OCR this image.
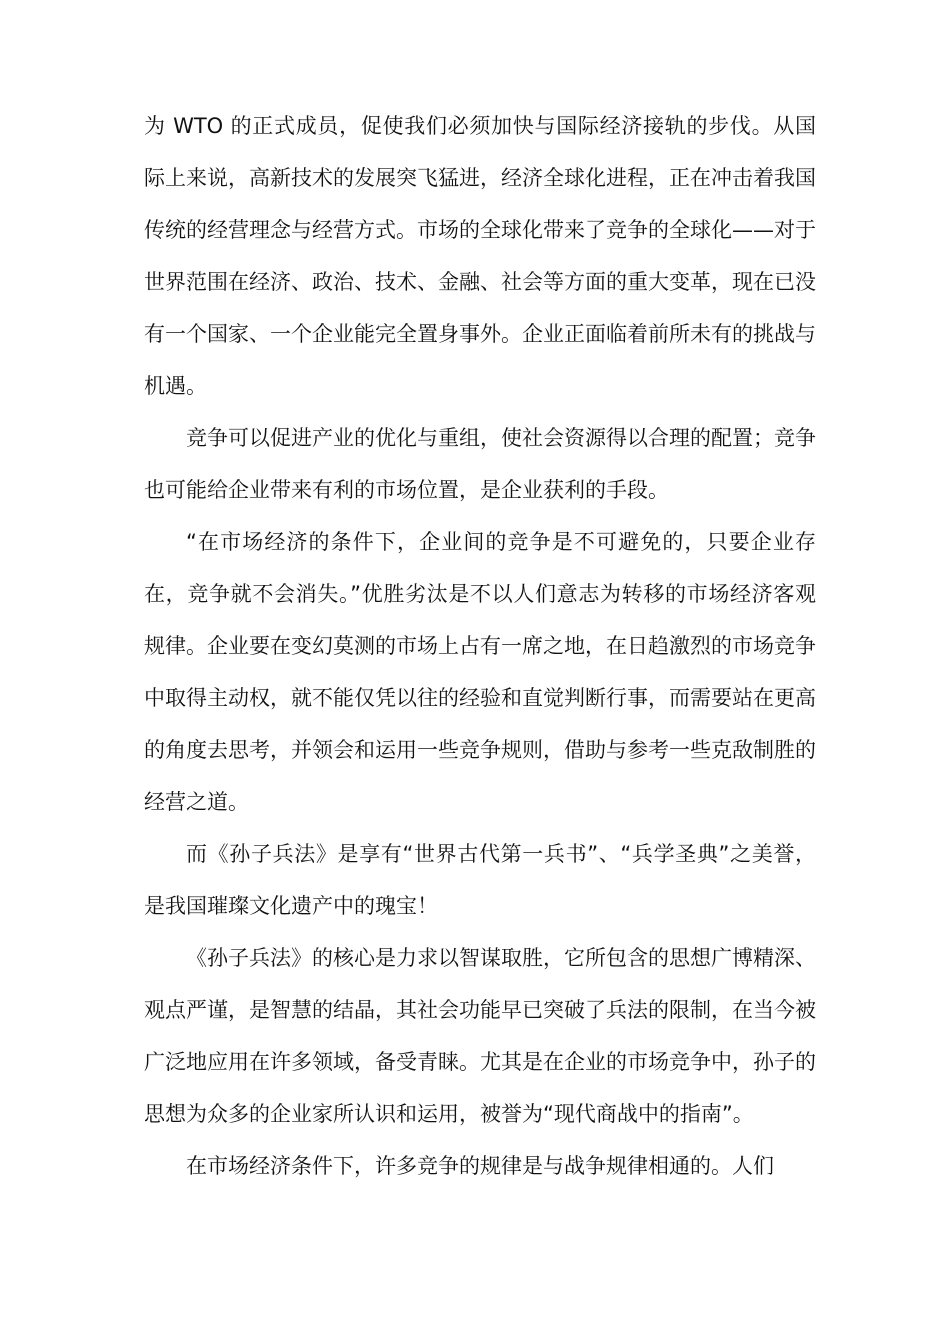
为 WTO 的正式成员，促使我们必须加快与国际经济接轨的步伐。从国际上来说，高新技术的发展突飞猛进，经济全球化进程，正在冲击着我国传统的经营理念与经营方式。市场的全球化带来了竞争的全球化——对于世界范围在经济、政治、技术、金融、社会等方面的重大变革，现在已没有一个国家、一个企业能完全置身事外。企业正面临着前所未有的挑战与机遇。

竞争可以促进产业的优化与重组，使社会资源得以合理的配置；竞争也可能给企业带来有利的市场位置，是企业获利的手段。

“在市场经济的条件下，企业间的竞争是不可避免的，只要企业存在，竞争就不会消失。”优胜劣汰是不以人们意志为转移的市场经济客观规律。企业要在变幻莫测的市场上占有一席之地，在日趋激烈的市场竞争中取得主动权，就不能仅凭以往的经验和直觉判断行事，而需要站在更高的角度去思考，并领会和运用一些竞争规则，借助与参考一些克敌制胜的经营之道。

而《孙子兵法》是享有“世界古代第一兵书”、“兵学圣典”之美誉，是我国璀璨文化遗产中的瑰宝！

《孙子兵法》的核心是力求以智谋取胜，它所包含的思想广博精深、观点严谨，是智慧的结晶，其社会功能早已突破了兵法的限制，在当今被广泛地应用在许多领域，备受青睐。尤其是在企业的市场竞争中，孙子的思想为众多的企业家所认识和运用，被誉为“现代商战中的指南”。

在市场经济条件下，许多竞争的规律是与战争规律相通的。人们
